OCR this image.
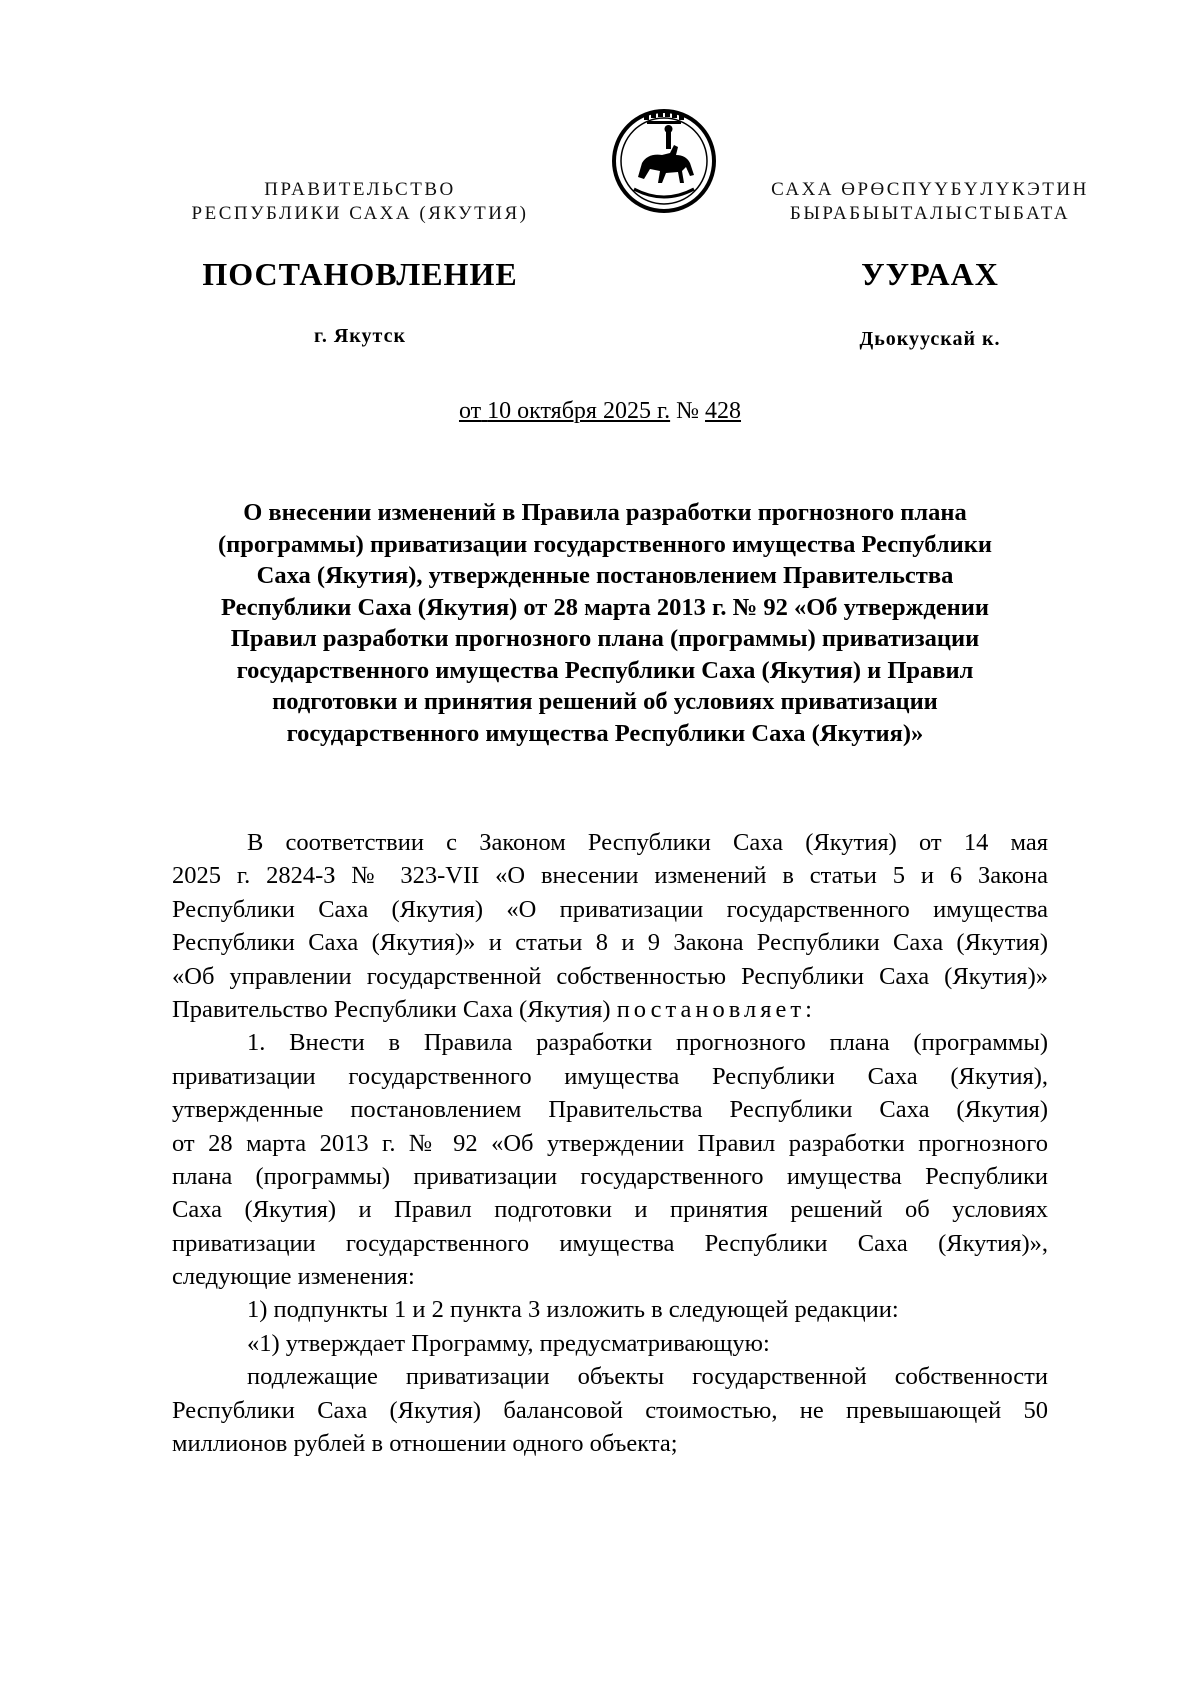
ПРАВИТЕЛЬСТВО
РЕСПУБЛИКИ САХА (ЯКУТИЯ)
САХА ӨРӨСПҮҮБҮЛҮКЭТИН
БЫРАБЫЫТАЛЫСТЫБАТА
ПОСТАНОВЛЕНИЕ	УУРААХ
г. Якутск	Дьокуускай к.
от 10 октября 2025 г. № 428
О внесении изменений в Правила разработки прогнозного плана
(программы) приватизации государственного имущества Республики
Саха (Якутия), утвержденные постановлением Правительства
Республики Саха (Якутия) от 28 марта 2013 г. № 92 «Об утверждении
Правил разработки прогнозного плана (программы) приватизации
государственного имущества Республики Саха (Якутия) и Правил
подготовки и принятия решений об условиях приватизации
государственного имущества Республики Саха (Якутия)»
В соответствии с Законом Республики Саха (Якутия) от 14 мая
2025 г. 2824-З № 323-VII «О внесении изменений в статьи 5 и 6 Закона
Республики Саха (Якутия) «О приватизации государственного имущества
Республики Саха (Якутия)» и статьи 8 и 9 Закона Республики Саха (Якутия)
«Об управлении государственной собственностью Республики Саха (Якутия)»
Правительство Республики Саха (Якутия) постановляет:
1. Внести в Правила разработки прогнозного плана (программы)
приватизации государственного имущества Республики Саха (Якутия),
утвержденные постановлением Правительства Республики Саха (Якутия)
от 28 марта 2013 г. № 92 «Об утверждении Правил разработки прогнозного
плана (программы) приватизации государственного имущества Республики
Саха (Якутия) и Правил подготовки и принятия решений об условиях
приватизации государственного имущества Республики Саха (Якутия)»,
следующие изменения:
1) подпункты 1 и 2 пункта 3 изложить в следующей редакции:
«1) утверждает Программу, предусматривающую:
подлежащие приватизации объекты государственной собственности
Республики Саха (Якутия) балансовой стоимостью, не превышающей 50
миллионов рублей в отношении одного объекта;
